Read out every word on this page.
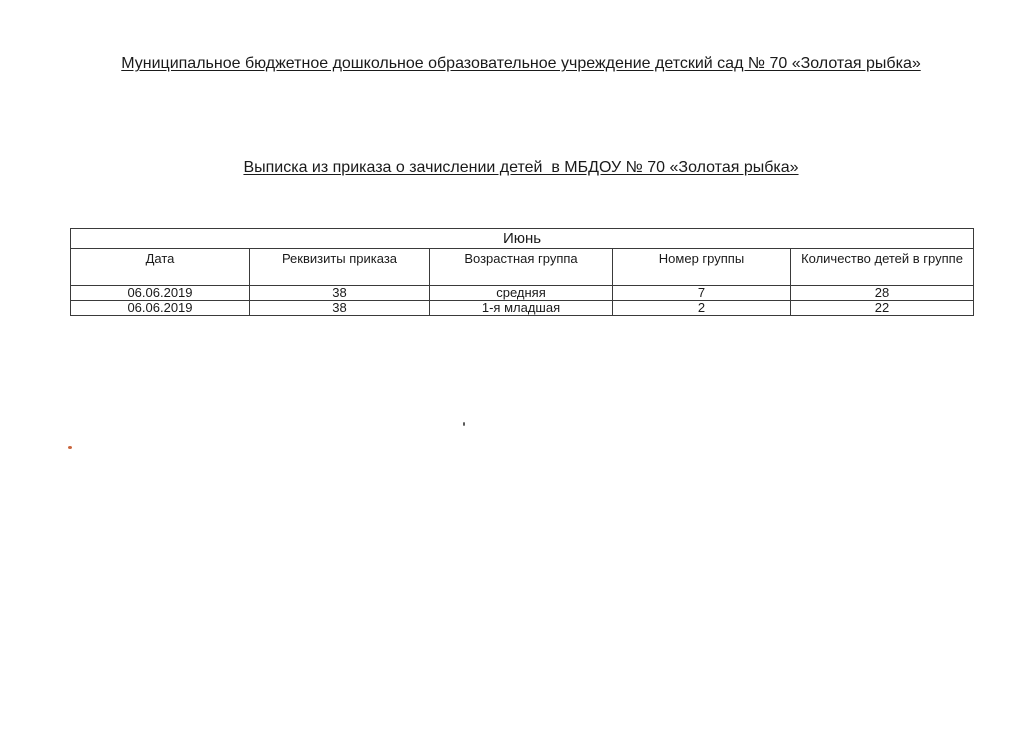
Муниципальное бюджетное дошкольное образовательное учреждение детский сад № 70 «Золотая рыбка»
Выписка из приказа о зачислении детей  в МБДОУ № 70 «Золотая рыбка»
Июнь				
Дата	Реквизиты приказа	Возрастная группа	Номер группы	Количество детей в группе
06.06.2019	38	средняя	7	28
06.06.2019	38	1-я младшая	2	22
